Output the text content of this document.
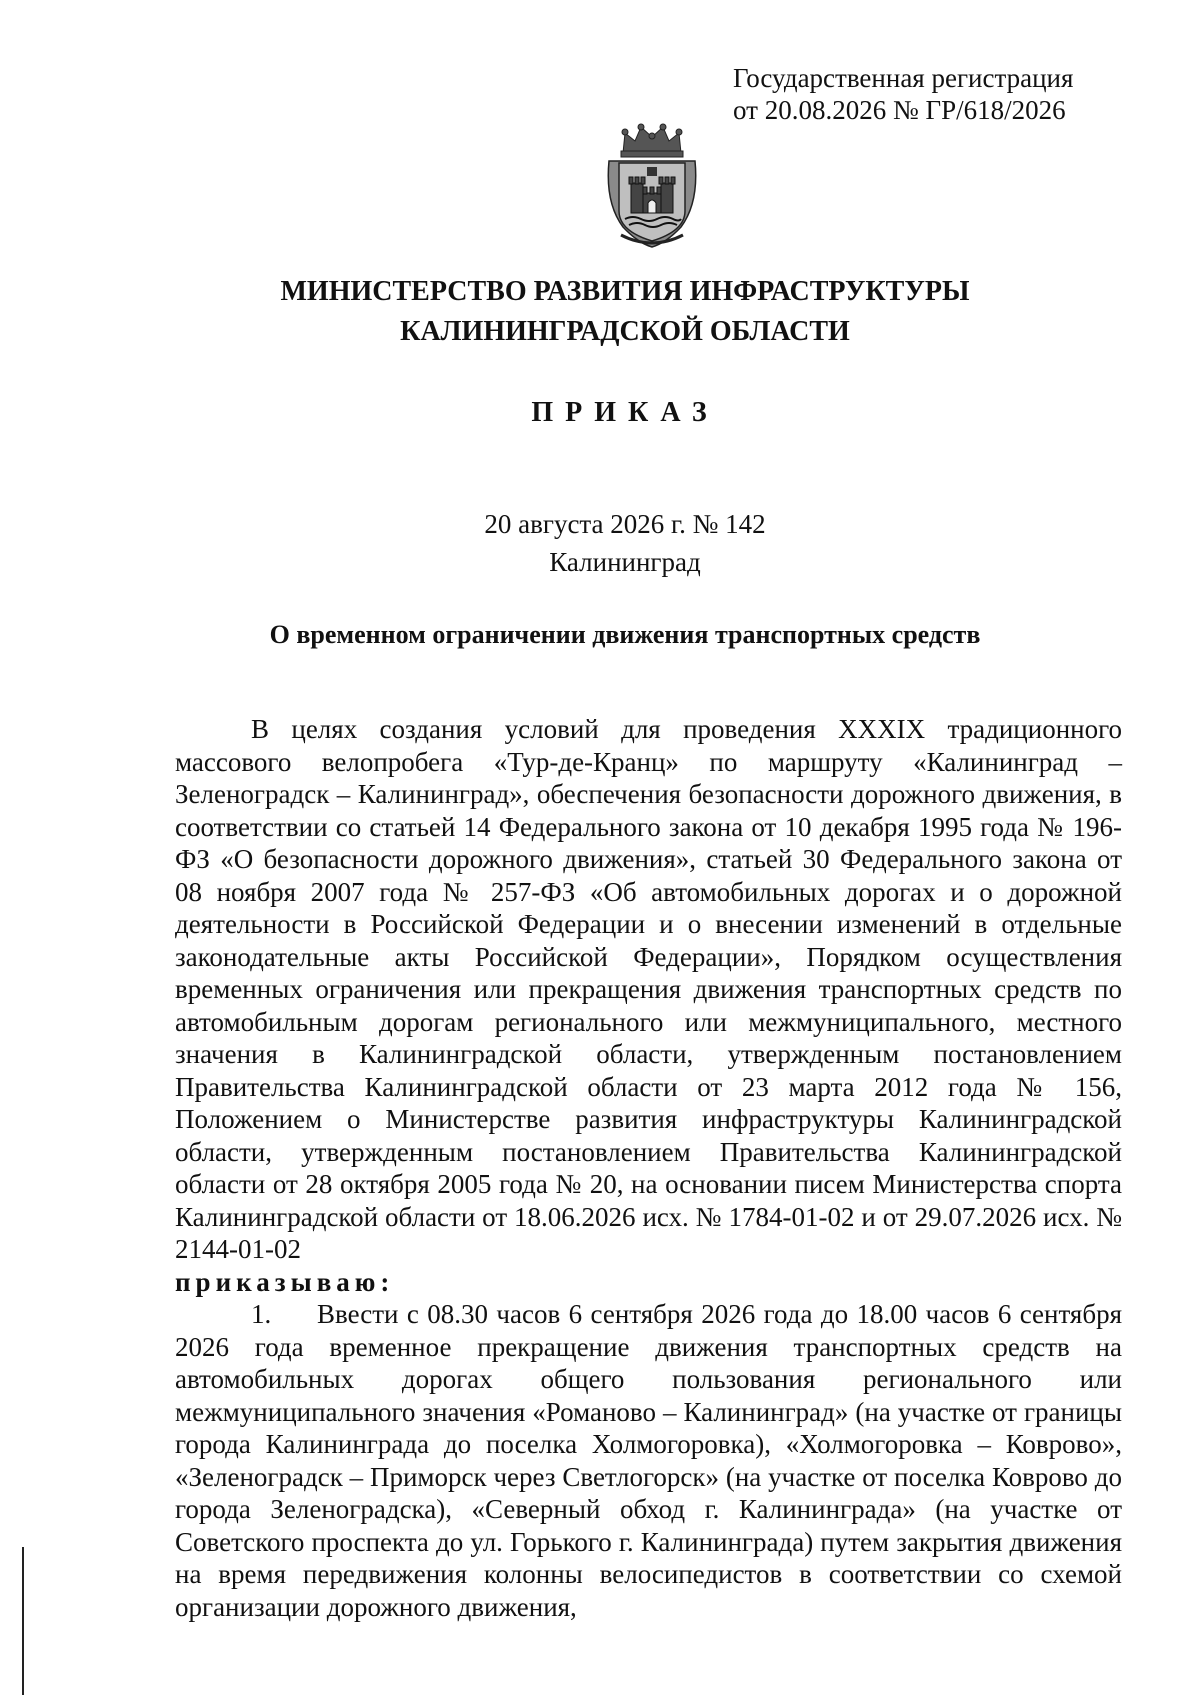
Государственная регистрация
от 20.08.2026 № ГР/618/2026
МИНИСТЕРСТВО РАЗВИТИЯ ИНФРАСТРУКТУРЫ
КАЛИНИНГРАДСКОЙ ОБЛАСТИ
ПРИКАЗ
20 августа 2026 г. № 142
Калининград
О временном ограничении движения транспортных средств

В целях создания условий для проведения XXXIX традиционного массового велопробега «Тур-де-Кранц» по маршруту «Калининград – Зеленоградск – Калининград», обеспечения безопасности дорожного движения, в соответствии со статьей 14 Федерального закона от 10 декабря 1995 года № 196-ФЗ «О безопасности дорожного движения», статьей 30 Федерального закона от 08 ноября 2007 года № 257-ФЗ «Об автомобильных дорогах и о дорожной деятельности в Российской Федерации и о внесении изменений в отдельные законодательные акты Российской Федерации», Порядком осуществления временных ограничения или прекращения движения транспортных средств по автомобильным дорогам регионального или межмуниципального, местного значения в Калининградской области, утвержденным постановлением Правительства Калининградской области от 23 марта 2012 года № 156, Положением о Министерстве развития инфраструктуры Калининградской области, утвержденным постановлением Правительства Калининградской области от 28 октября 2005 года № 20, на основании писем Министерства спорта Калининградской области от 18.06.2026 исх. № 1784-01-02 и от 29.07.2026 исх. № 2144-01-02

приказываю:

1. Ввести с 08.30 часов 6 сентября 2026 года до 18.00 часов 6 сентября 2026 года временное прекращение движения транспортных средств на автомобильных дорогах общего пользования регионального или межмуниципального значения «Романово – Калининград» (на участке от границы города Калининграда до поселка Холмогоровка), «Холмогоровка – Коврово», «Зеленоградск – Приморск через Светлогорск» (на участке от поселка Коврово до города Зеленоградска), «Северный обход г. Калининграда» (на участке от Советского проспекта до ул. Горького г. Калининграда) путем закрытия движения на время передвижения колонны велосипедистов в соответствии со схемой организации дорожного движения,
